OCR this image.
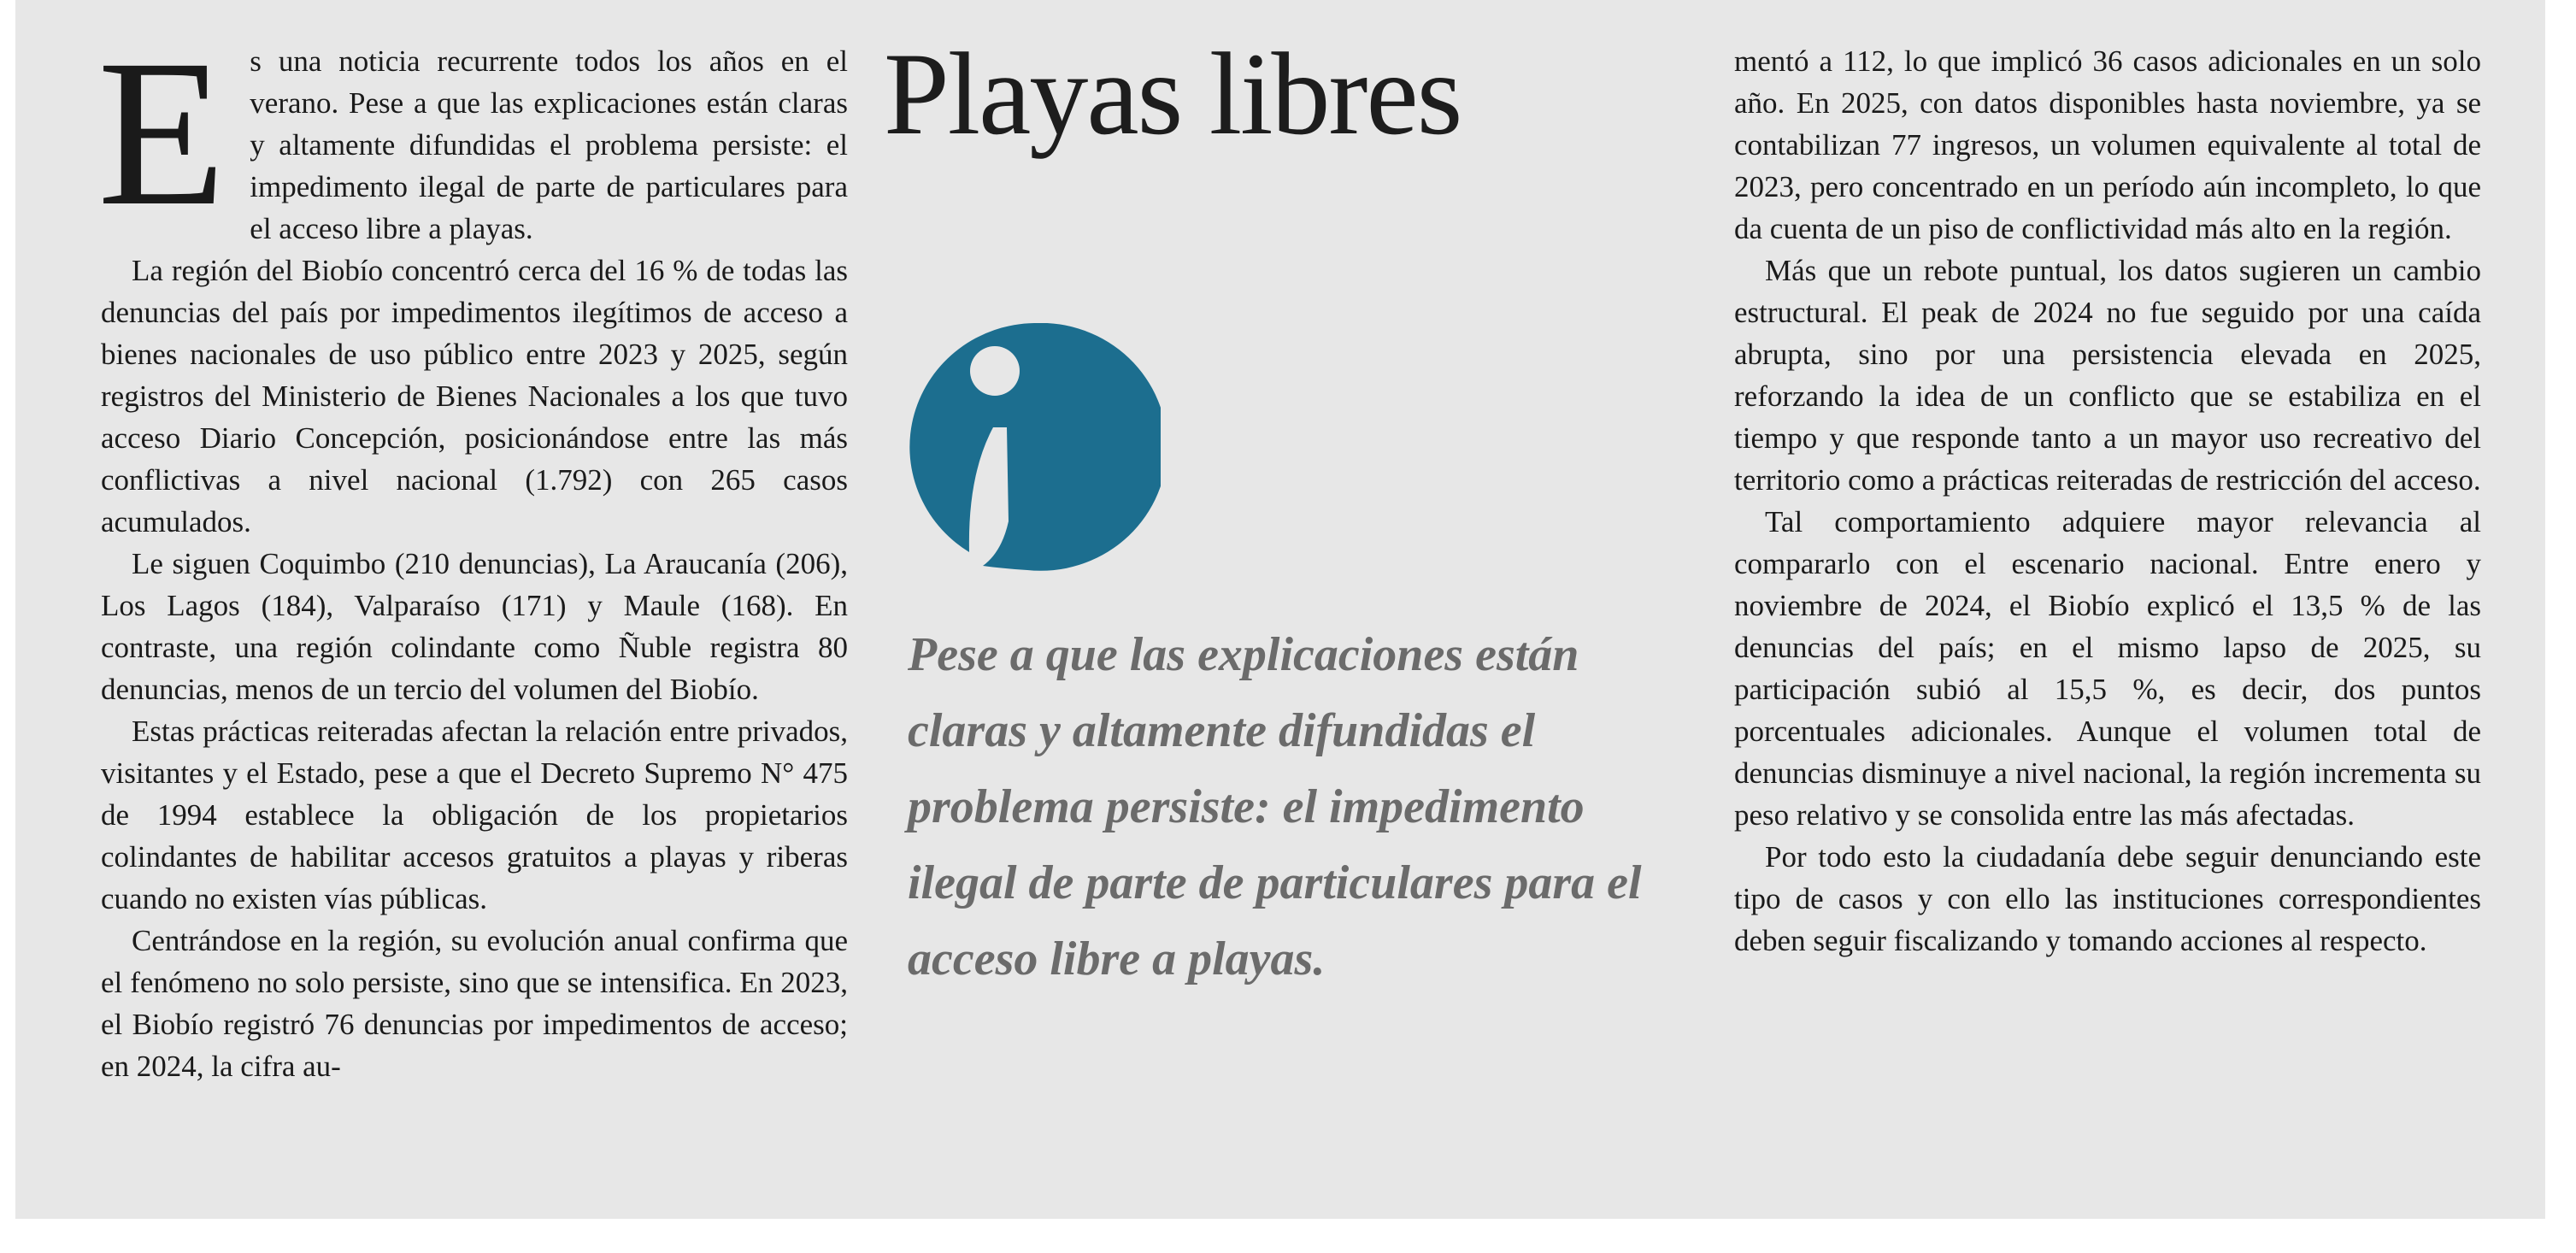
Es una noticia recurrente todos los años en el verano. Pese a que las explicaciones están claras y altamente difundidas el problema persiste: el impedimento ilegal de parte de particulares para el acceso libre a playas.

La región del Biobío concentró cerca del 16 % de todas las denuncias del país por impedimentos ilegítimos de acceso a bienes nacionales de uso público entre 2023 y 2025, según registros del Ministerio de Bienes Nacionales a los que tuvo acceso Diario Concepción, posicionándose entre las más conflictivas a nivel nacional (1.792) con 265 casos acumulados.

Le siguen Coquimbo (210 denuncias), La Araucanía (206), Los Lagos (184), Valparaíso (171) y Maule (168). En contraste, una región colindante como Ñuble registra 80 denuncias, menos de un tercio del volumen del Biobío.

Estas prácticas reiteradas afectan la relación entre privados, visitantes y el Estado, pese a que el Decreto Supremo N° 475 de 1994 establece la obligación de los propietarios colindantes de habilitar accesos gratuitos a playas y riberas cuando no existen vías públicas.

Centrándose en la región, su evolución anual confirma que el fenómeno no solo persiste, sino que se intensifica. En 2023, el Biobío registró 76 denuncias por impedimentos de acceso; en 2024, la cifra au-

Playas libres

Pese a que las explicaciones están claras y altamente difundidas el problema persiste: el impedimento ilegal de parte de particulares para el acceso libre a playas.

mentó a 112, lo que implicó 36 casos adicionales en un solo año. En 2025, con datos disponibles hasta noviembre, ya se contabilizan 77 ingresos, un volumen equivalente al total de 2023, pero concentrado en un período aún incompleto, lo que da cuenta de un piso de conflictividad más alto en la región.

Más que un rebote puntual, los datos sugieren un cambio estructural. El peak de 2024 no fue seguido por una caída abrupta, sino por una persistencia elevada en 2025, reforzando la idea de un conflicto que se estabiliza en el tiempo y que responde tanto a un mayor uso recreativo del territorio como a prácticas reiteradas de restricción del acceso.

Tal comportamiento adquiere mayor relevancia al compararlo con el escenario nacional. Entre enero y noviembre de 2024, el Biobío explicó el 13,5 % de las denuncias del país; en el mismo lapso de 2025, su participación subió al 15,5 %, es decir, dos puntos porcentuales adicionales. Aunque el volumen total de denuncias disminuye a nivel nacional, la región incrementa su peso relativo y se consolida entre las más afectadas.

Por todo esto la ciudadanía debe seguir denunciando este tipo de casos y con ello las instituciones correspondientes deben seguir fiscalizando y tomando acciones al respecto.
